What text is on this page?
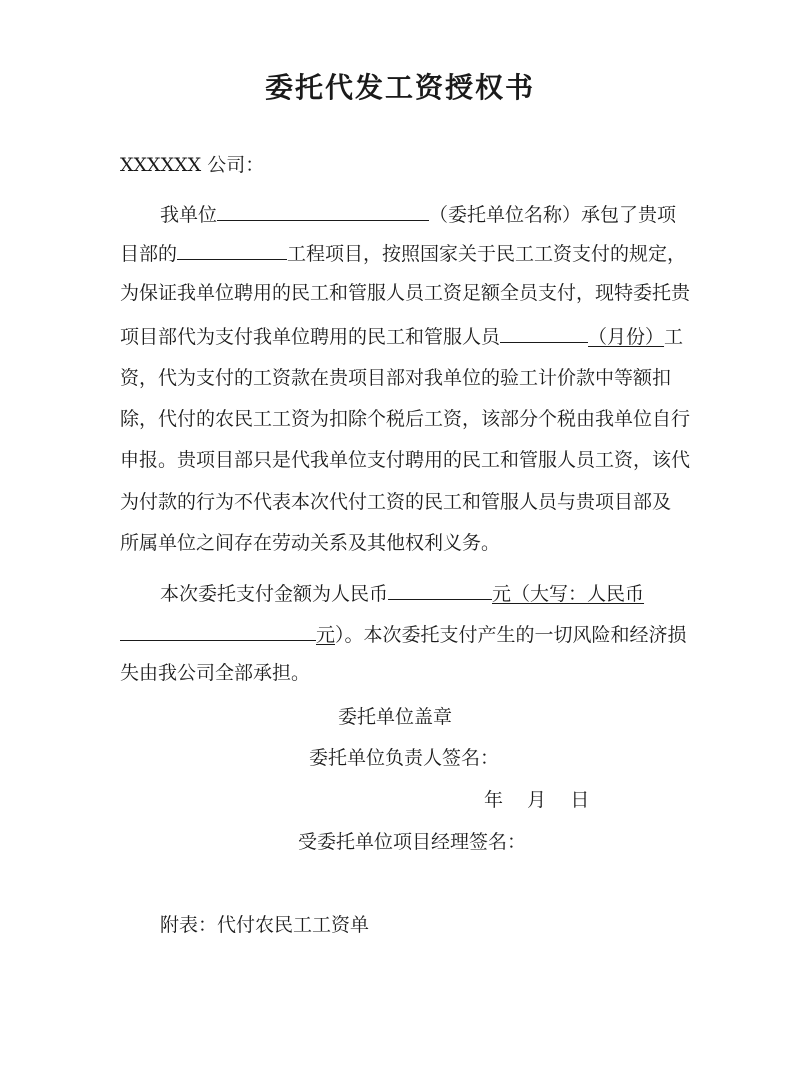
委托代发工资授权书
XXXXXX 公司：
我单位	（委托单位名称）承包了贵项
目部的	工程项目，按照国家关于民工工资支付的规定，
为保证我单位聘用的民工和管服人员工资足额全员支付，现特委托贵
项目部代为支付我单位聘用的民工和管服人员	（月份）工
资，代为支付的工资款在贵项目部对我单位的验工计价款中等额扣
除，代付的农民工工资为扣除个税后工资，该部分个税由我单位自行
申报。贵项目部只是代我单位支付聘用的民工和管服人员工资，该代
为付款的行为不代表本次代付工资的民工和管服人员与贵项目部及
所属单位之间存在劳动关系及其他权利义务。
本次委托支付金额为人民币	元（大写：人民币
元）。本次委托支付产生的一切风险和经济损
失由我公司全部承担。
委托单位盖章
委托单位负责人签名：
年    月    日
受委托单位项目经理签名：
附表：代付农民工工资单
